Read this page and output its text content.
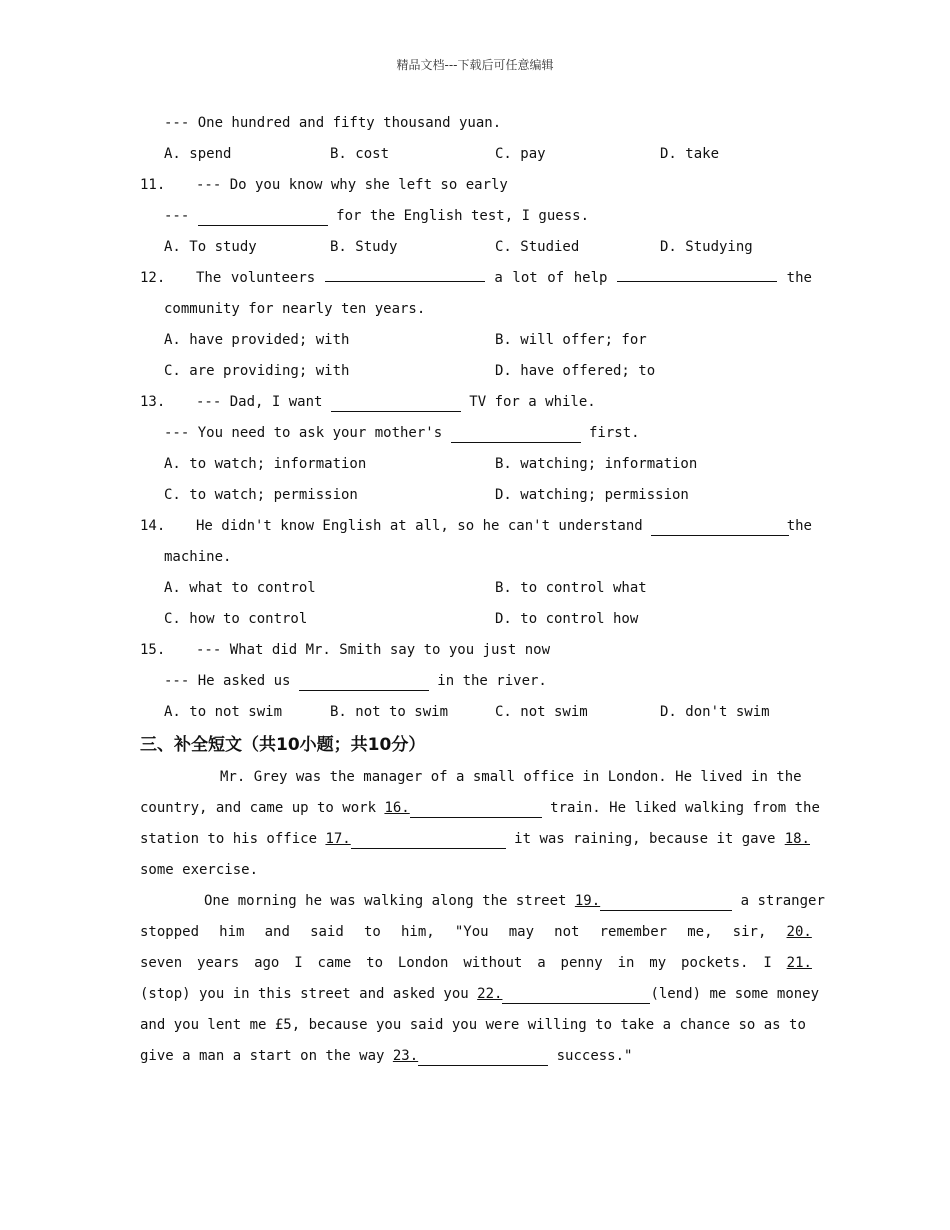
精品文档---下载后可任意编辑
--- One hundred and fifty thousand yuan.

A. spend

	B. cost

	C. pay

	D. take

11. --- Do you know why she left so early
---	for the English test, I guess.

A. To study

	B. Study

	C. Studied

	D. Studying

12.	The volunteers	a lot of help	the
community for nearly ten years.

A. have provided; with

	B. will offer; for

C. are providing; with

	D. have offered; to

13. --- Dad, I want	TV for a while.
--- You need to ask your mother's	first.

A. to watch; information

	B. watching; information

C. to watch; permission

	D. watching; permission

14. He didn't know English at all, so he can't understand	the
machine.

A. what to control

	B. to control what

C. how to control

	D. to control how

15. --- What did Mr. Smith say to you just now
--- He asked us	in the river.

A. to not swim

	B. not to swim

	C. not swim

	D. don't swim

三、补全短文（共10小题；共10分）
Mr. Grey was the manager of a small office in London. He lived in the
country, and came up to work 16.	train. He liked walking from the
station to his office 17.	it was raining, because it gave 18.
some exercise.
One morning he was walking along the street 19.	a stranger
stopped him and said to him, "You may not remember me, sir, 20.
seven years ago I came to London without a penny in my pockets. I 21.
(stop) you in this street and asked you 22.	(lend) me some money
and you lent me £5, because you said you were willing to take a chance so as to
give a man a start on the way 23.	success."
